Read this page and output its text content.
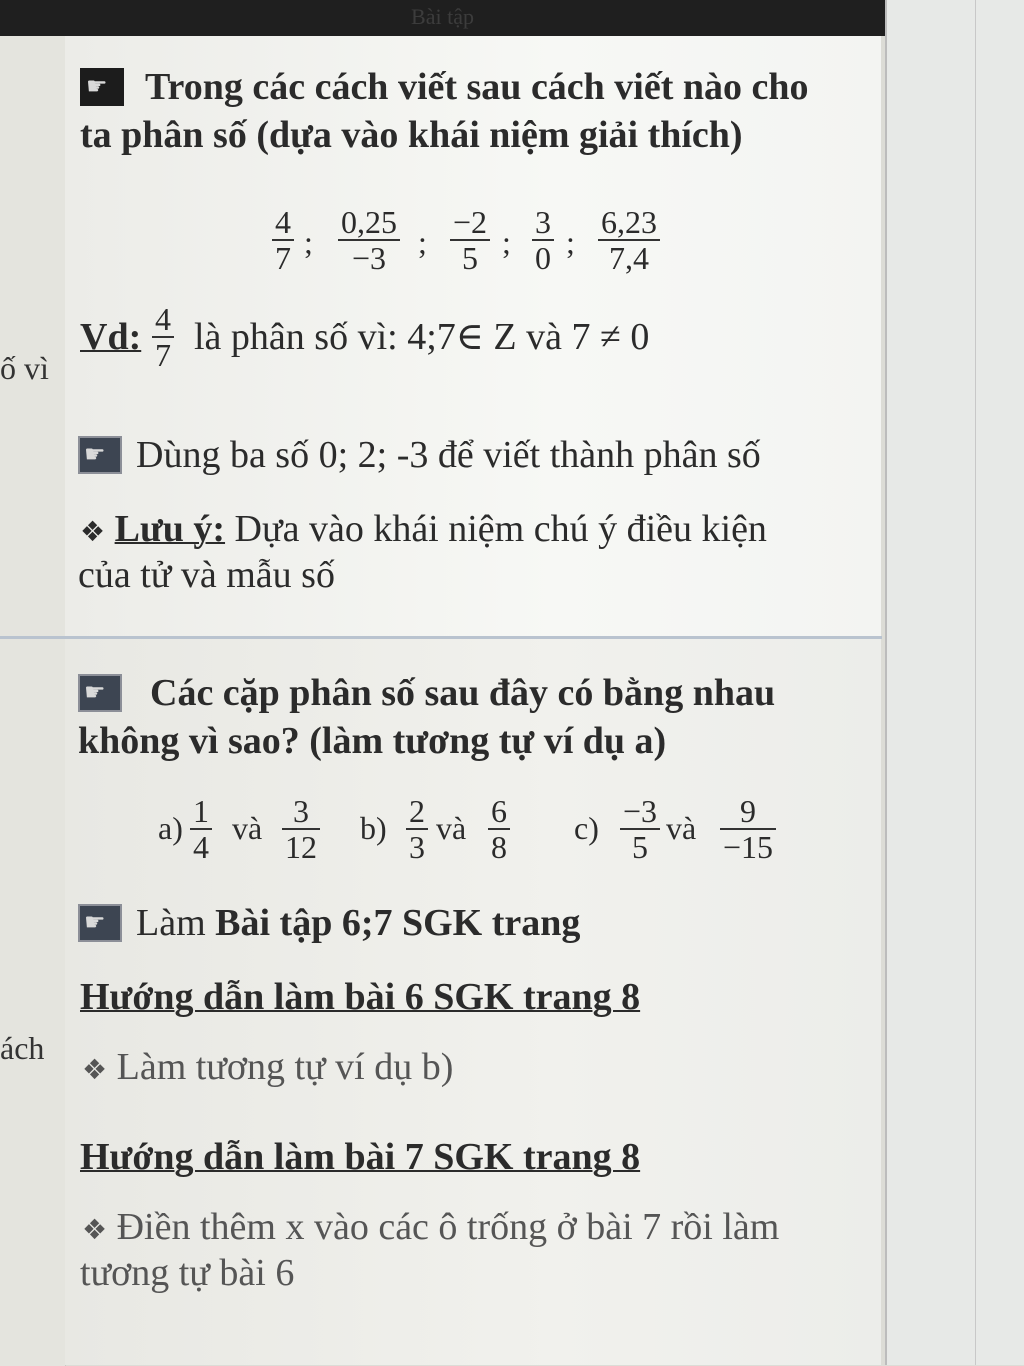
Bài tập
ố vì
ách
☛ Trong các cách viết sau cách viết nào cho
ta phân số (dựa vào khái niệm giải thích)
$\frac{4}{7}$ ; $\frac{0,25}{-3}$ ; $\frac{-2}{5}$ ; $\frac{3}{0}$ ; $\frac{6,23}{7,4}$
Vd: $\frac{4}{7}$ là phân số vì: 4;7∈ Z và 7 ≠ 0
☛ Dùng ba số 0; 2; -3 để viết thành phân số
❖ Lưu ý: Dựa vào khái niệm chú ý điều kiện
của tử và mẫu số
☛ Các cặp phân số sau đây có bằng nhau
không vì sao? (làm tương tự ví dụ a)
$a) \frac{1}{4}$ và $\frac{3}{12} b) \frac{2}{3}$ và $\frac{6}{8} c) \frac{-3}{5}$ và $\frac{9}{-15}$
☛ Làm Bài tập 6;7 SGK trang
Hướng dẫn làm bài 6 SGK trang 8
❖ Làm tương tự ví dụ b)
Hướng dẫn làm bài 7 SGK trang 8
❖ Điền thêm x vào các ô trống ở bài 7 rồi làm
tương tự bài 6
